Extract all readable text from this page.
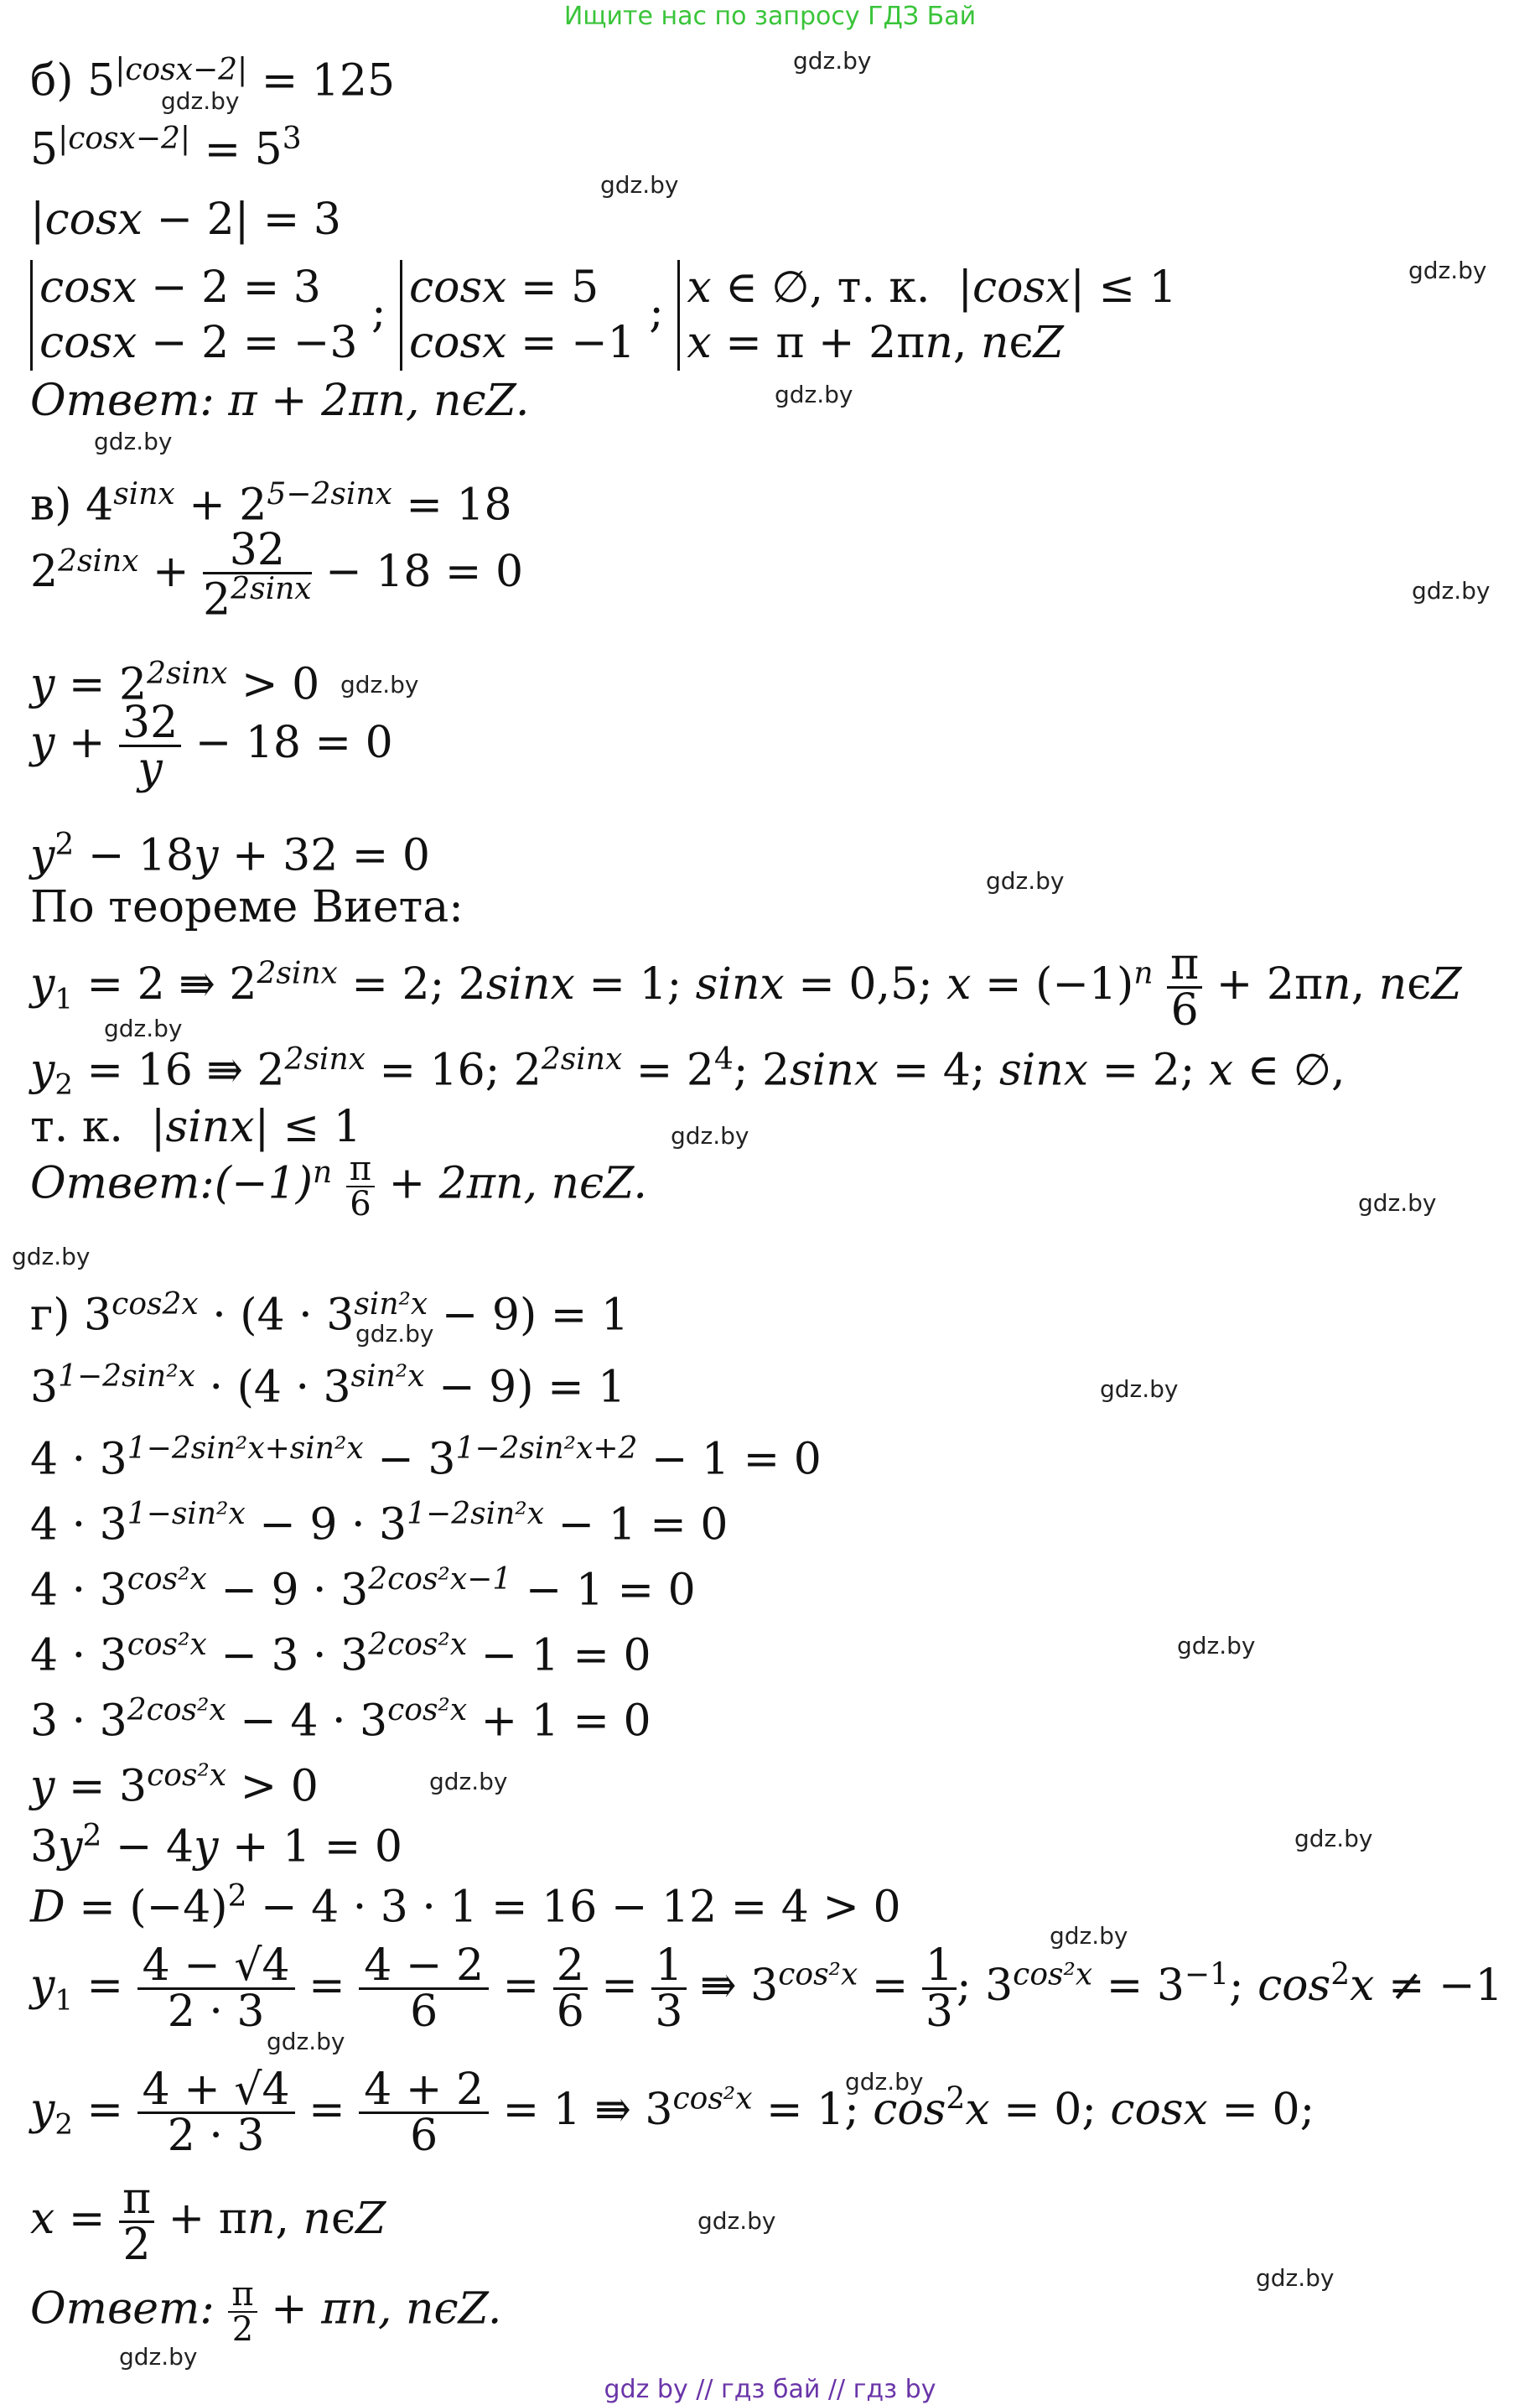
Ищите нас по запросу ГДЗ Бай
б) $5^{|cosx-2|} = 125$
$5^{|cosx-2|} = 5^3$
|cosx − 2| = 3
cosx − 2 = 3
cosx − 2 = −3 ; cosx = 5
cosx = −1 ; x ∈ ∅, т. к.  |cosx| ≤ 1
x = π + 2πn, nϵZ
Ответ: π + 2πn, nϵZ.
в) $4^{sinx} + 2^{5-2sinx} = 18$
$2^{2sinx} + \frac{32}{2^{2sinx}} - 18 = 0$
$y = 2^{2sinx} > 0$
$y + \frac{32}{y} - 18 = 0$
$y^2 - 18y + 32 = 0$
По теореме Виета:
$y_1 = 2$ ⇛ $2^{2sinx} = 2$; 2sinx = 1; sinx = 0,5; $x = (-1)^n \frac{\pi}{6} + 2\pi n$, nϵZ
$y_2 = 16$ ⇛ $2^{2sinx} = 16$; $2^{2sinx} = 2^4$; 2sinx = 4; sinx = 2; x ∈ ∅,
т. к.  |sinx| ≤ 1
$Ответ:(-1)^n \frac{\pi}{6} + 2\pi n$, nϵZ.
г) $3^{cos2x} \cdot (4 \cdot 3^{sin^2x} - 9) = 1$
$3^{1-2sin^2x} \cdot (4 \cdot 3^{sin^2x} - 9) = 1$
$4 \cdot 3^{1-2sin^2x+sin^2x} - 3^{1-2sin^2x+2} - 1 = 0$
$4 \cdot 3^{1-sin^2x} - 9 \cdot 3^{1-2sin^2x} - 1 = 0$
$4 \cdot 3^{cos^2x} - 9 \cdot 3^{2cos^2x-1} - 1 = 0$
$4 \cdot 3^{cos^2x} - 3 \cdot 3^{2cos^2x} - 1 = 0$
$3 \cdot 3^{2cos^2x} - 4 \cdot 3^{cos^2x} + 1 = 0$
$y = 3^{cos^2x} > 0$
$3y^2 - 4y + 1 = 0$
$D = (-4)^2 - 4 \cdot 3 \cdot 1 = 16 - 12 = 4 > 0$
$y_1 = \frac{4 - √4}{2 \cdot 3} = \frac{4 - 2}{6} = \frac{2}{6} = \frac{1}{3}$ ⇛ $3^{cos^2x} = \frac{1}{3}$ ; $3^{cos^2x} = 3^{-1}$; $\cos^2x \ne -1$
$y_2 = \frac{4 + √4}{2 \cdot 3} = \frac{4 + 2}{6} = 1$ ⇛ $3^{cos^2x} = 1$; $\cos^2x = 0$; cosx = 0;
$x = \frac{\pi}{2} + \pi n$, nϵZ
Ответ: $\frac{\pi}{2} + \pi n$, nϵZ.
gdz.by
gdz.by
gdz.by
gdz.by
gdz.by
gdz.by
gdz.by
gdz.by
gdz.by
gdz.by
gdz.by
gdz.by
gdz.by
gdz.by
gdz.by
gdz.by
gdz.by
gdz.by
gdz.by
gdz.by
gdz.by
gdz.by
gdz.by
gdz.by
gdz by // гдз бай // гдз by
